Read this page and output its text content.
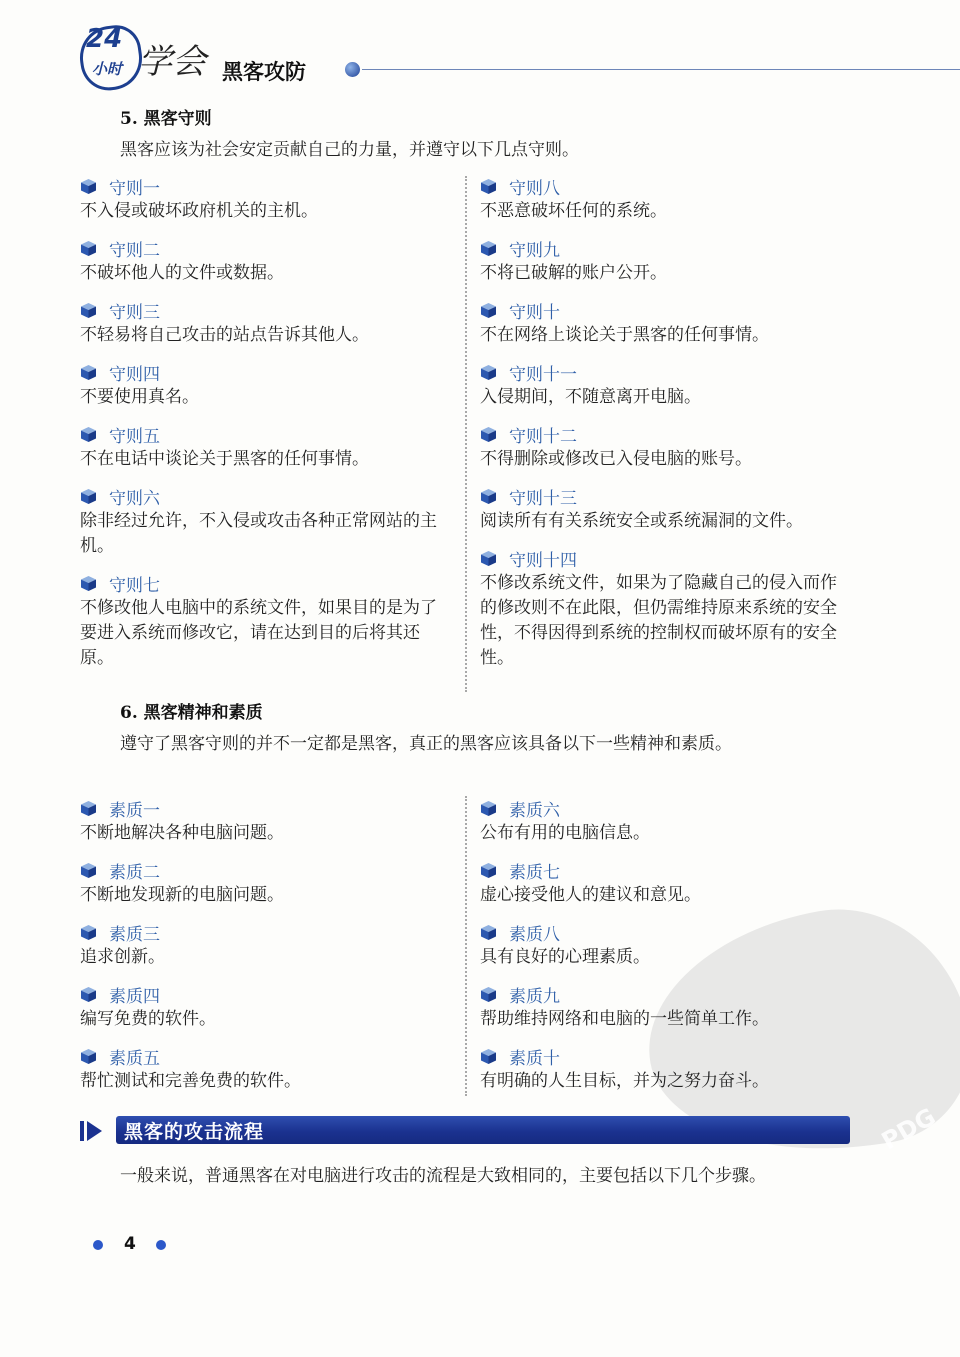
24
小时 学会 黑客攻防
PDG
5. 黑客守则
黑客应该为社会安定贡献自己的力量，并遵守以下几点守则。
守则一
不入侵或破坏政府机关的主机。
守则二
不破坏他人的文件或数据。
守则三
不轻易将自己攻击的站点告诉其他人。
守则四
不要使用真名。
守则五
不在电话中谈论关于黑客的任何事情。
守则六
除非经过允许，不入侵或攻击各种正常网站的主机。
守则七
不修改他人电脑中的系统文件，如果目的是为了要进入系统而修改它，请在达到目的后将其还原。
守则八
不恶意破坏任何的系统。
守则九
不将已破解的账户公开。
守则十
不在网络上谈论关于黑客的任何事情。
守则十一
入侵期间，不随意离开电脑。
守则十二
不得删除或修改已入侵电脑的账号。
守则十三
阅读所有有关系统安全或系统漏洞的文件。
守则十四
不修改系统文件，如果为了隐藏自己的侵入而作的修改则不在此限，但仍需维持原来系统的安全性，不得因得到系统的控制权而破坏原有的安全性。
6. 黑客精神和素质
遵守了黑客守则的并不一定都是黑客，真正的黑客应该具备以下一些精神和素质。
素质一
不断地解决各种电脑问题。
素质二
不断地发现新的电脑问题。
素质三
追求创新。
素质四
编写免费的软件。
素质五
帮忙测试和完善免费的软件。
素质六
公布有用的电脑信息。
素质七
虚心接受他人的建议和意见。
素质八
具有良好的心理素质。
素质九
帮助维持网络和电脑的一些简单工作。
素质十
有明确的人生目标，并为之努力奋斗。
黑客的攻击流程
一般来说，普通黑客在对电脑进行攻击的流程是大致相同的，主要包括以下几个步骤。
4
